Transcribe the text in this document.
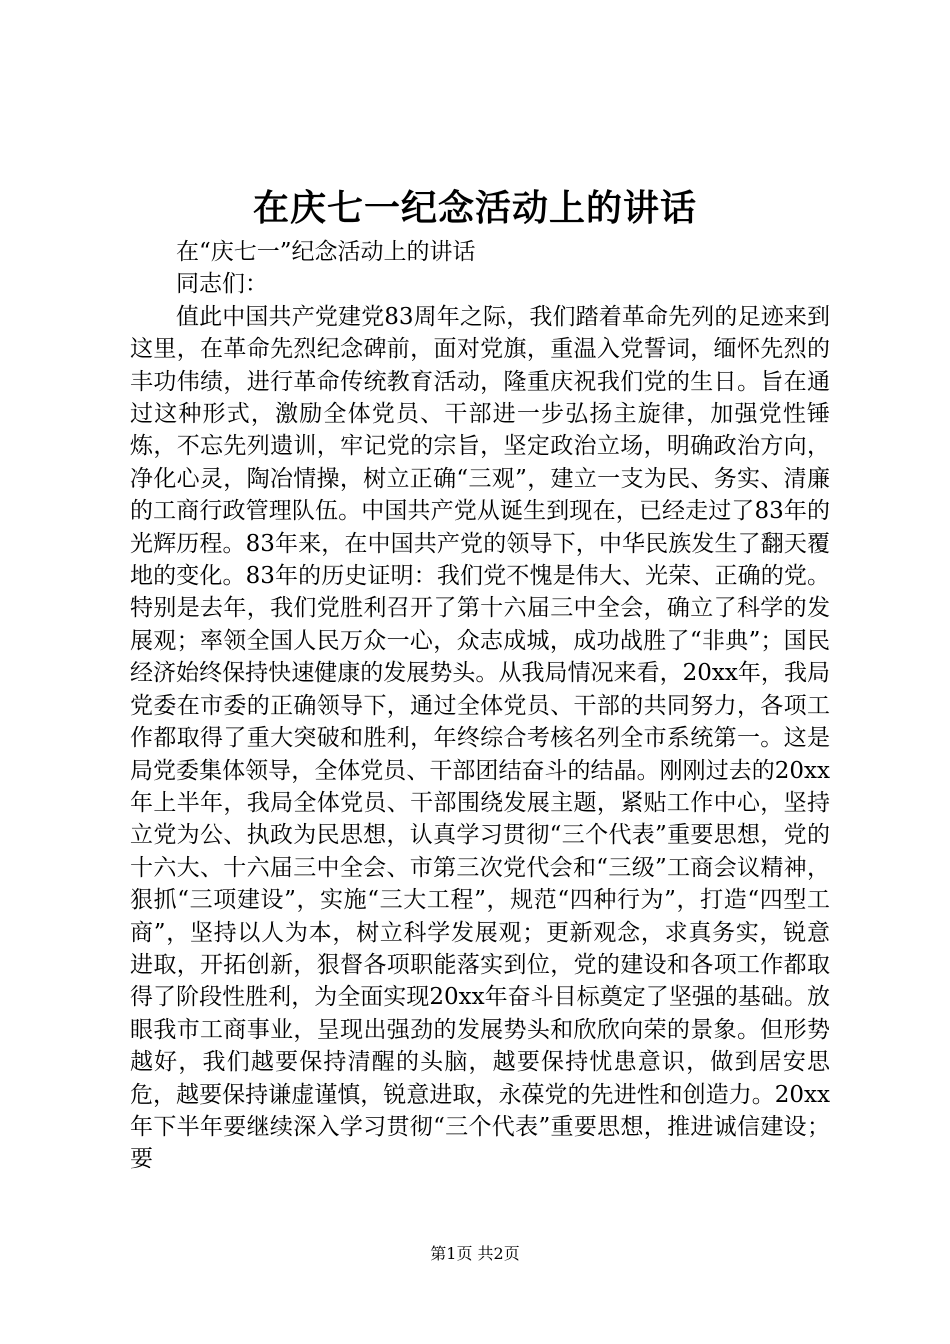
在庆七一纪念活动上的讲话

在“庆七一”纪念活动上的讲话

同志们：

值此中国共产党建党83周年之际，我们踏着革命先列的足迹来到这里，在革命先烈纪念碑前，面对党旗，重温入党誓词，缅怀先烈的丰功伟绩，进行革命传统教育活动，隆重庆祝我们党的生日。旨在通过这种形式，激励全体党员、干部进一步弘扬主旋律，加强党性锤炼，不忘先列遗训，牢记党的宗旨，坚定政治立场，明确政治方向，净化心灵，陶冶情操，树立正确“三观”，建立一支为民、务实、清廉的工商行政管理队伍。中国共产党从诞生到现在，已经走过了83年的光辉历程。83年来，在中国共产党的领导下，中华民族发生了翻天覆地的变化。83年的历史证明：我们党不愧是伟大、光荣、正确的党。特别是去年，我们党胜利召开了第十六届三中全会，确立了科学的发展观；率领全国人民万众一心，众志成城，成功战胜了“非典”；国民经济始终保持快速健康的发展势头。从我局情况来看，20xx年，我局党委在市委的正确领导下，通过全体党员、干部的共同努力，各项工作都取得了重大突破和胜利，年终综合考核名列全市系统第一。这是局党委集体领导，全体党员、干部团结奋斗的结晶。刚刚过去的20xx年上半年，我局全体党员、干部围绕发展主题，紧贴工作中心，坚持立党为公、执政为民思想，认真学习贯彻“三个代表”重要思想，党的十六大、十六届三中全会、市第三次党代会和“三级”工商会议精神，狠抓“三项建设”，实施“三大工程”，规范“四种行为”，打造“四型工商”，坚持以人为本，树立科学发展观；更新观念，求真务实，锐意进取，开拓创新，狠督各项职能落实到位，党的建设和各项工作都取得了阶段性胜利，为全面实现20xx年奋斗目标奠定了坚强的基础。放眼我市工商事业，呈现出强劲的发展势头和欣欣向荣的景象。但形势越好，我们越要保持清醒的头脑，越要保持忧患意识，做到居安思危，越要保持谦虚谨慎，锐意进取，永葆党的先进性和创造力。20xx年下半年要继续深入学习贯彻“三个代表”重要思想，推进诚信建设；要

第1页 共2页
